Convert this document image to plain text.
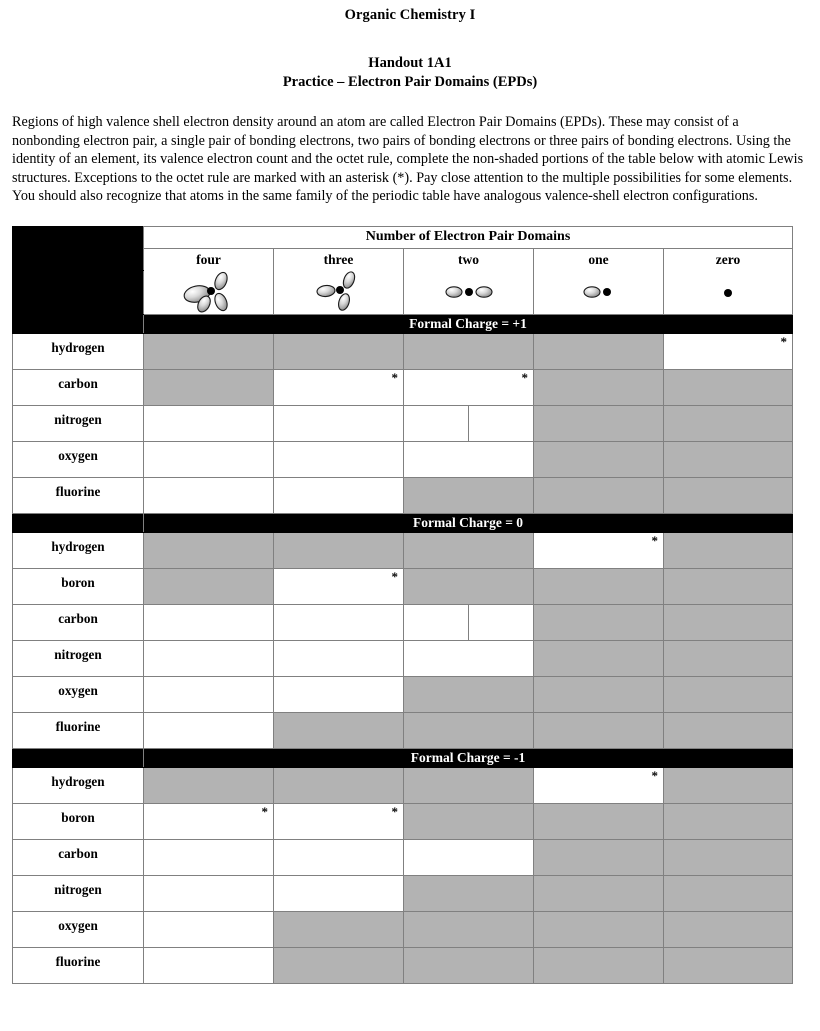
Organic Chemistry I
Handout 1A1
Practice – Electron Pair Domains (EPDs)

Regions of high valence shell electron density around an atom are called Electron Pair Domains (EPDs). These may consist of a nonbonding electron pair, a single pair of bonding electrons, two pairs of bonding electrons or three pairs of bonding electrons. Using the identity of an element, its valence electron count and the octet rule, complete the non-shaded portions of the table below with atomic Lewis structures. Exceptions to the octet rule are marked with an asterisk (*). Pay close attention to the multiple possibilities for some elements. You should also recognize that atoms in the same family of the periodic table have analogous valence-shell electron configurations.

	Number of Electron Pair Domains				
	four	three	two	one	zero

	Formal Charge = +1				
hydrogen					*

carbon		*	*		

nitrogen			

oxygen					
fluorine					
	Formal Charge = 0				
hydrogen				*	

boron		*			

carbon			

nitrogen					
oxygen					
fluorine					
	Formal Charge = -1				
hydrogen				*	

boron	*	*			

carbon					
nitrogen					
oxygen					
fluorine					
